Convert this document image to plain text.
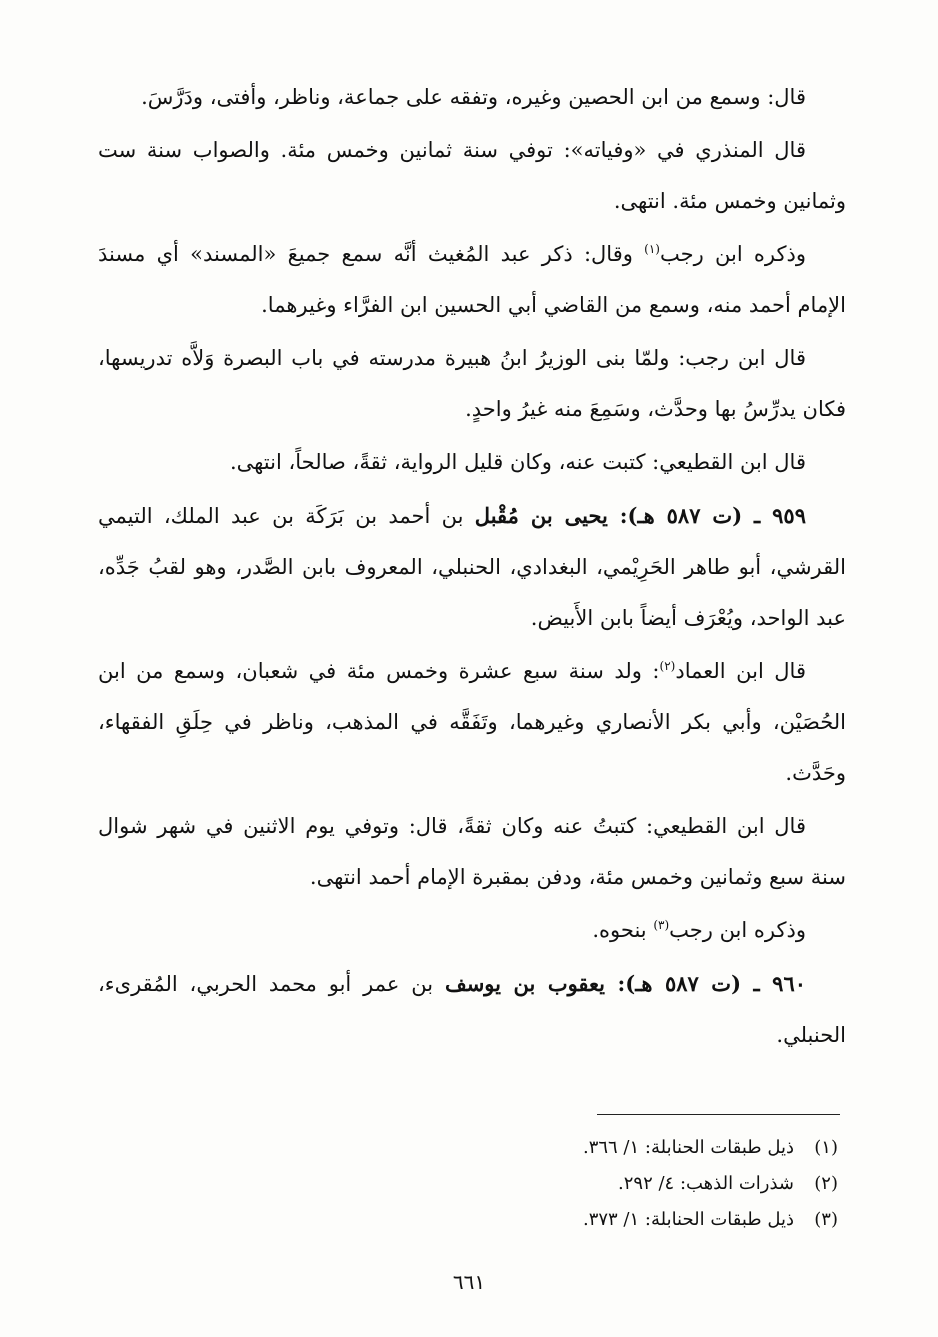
قال: وسمع من ابن الحصين وغيره، وتفقه على جماعة، وناظر، وأفتى، ودَرَّسَ.

قال المنذري في «وفياته»: توفي سنة ثمانين وخمس مئة. والصواب سنة ست وثمانين وخمس مئة. انتهى.

وذكره ابن رجب$^{(١)}$ وقال: ذكر عبد المُغيث أنَّه سمع جميعَ «المسند» أي مسندَ الإمام أحمد منه، وسمع من القاضي أبي الحسين ابن الفرَّاء وغيرهما.

قال ابن رجب: ولمّا بنى الوزيرُ ابنُ هبيرة مدرسته في باب البصرة وَلاَّه تدريسها، فكان يدرِّسُ بها وحدَّث، وسَمِعَ منه غيرُ واحدٍ.

قال ابن القطيعي: كتبت عنه، وكان قليل الرواية، ثقةً، صالحاً، انتهى.

٩٥٩ ـ (ت ٥٨٧ هـ): يحيى بن مُقْبل بن أحمد بن بَرَكَة بن عبد الملك، التيمي القرشي، أبو طاهر الحَرِيْمي، البغدادي، الحنبلي، المعروف بابن الصَّدر، وهو لقبُ جَدِّه، عبد الواحد، ويُعْرَف أيضاً بابن الأَبيض.

قال ابن العماد$^{(٢)}$: ولد سنة سبع عشرة وخمس مئة في شعبان، وسمع من ابن الحُصَيْن، وأبي بكر الأنصاري وغيرهما، وتَفَقَّه في المذهب، وناظر في حِلَقِ الفقهاء، وحَدَّث.

قال ابن القطيعي: كتبتُ عنه وكان ثقةً، قال: وتوفي يوم الاثنين في شهر شوال سنة سبع وثمانين وخمس مئة، ودفن بمقبرة الإمام أحمد انتهى.

وذكره ابن رجب$^{(٣)}$ بنحوه.

٩٦٠ ـ (ت ٥٨٧ هـ): يعقوب بن يوسف بن عمر أبو محمد الحربي، المُقرىء، الحنبلي.

(١)ذيل طبقات الحنابلة: ١/ ٣٦٦.
(٢)شذرات الذهب: ٤/ ٢٩٢.
(٣)ذيل طبقات الحنابلة: ١/ ٣٧٣.
٦٦١
